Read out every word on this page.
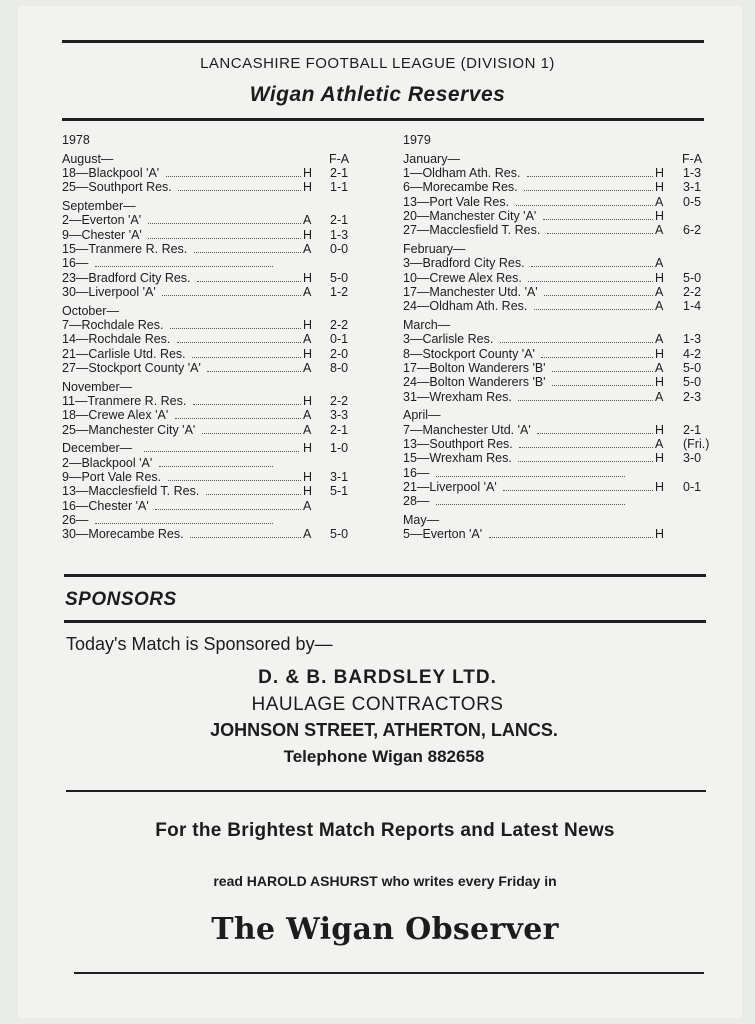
LANCASHIRE FOOTBALL LEAGUE (DIVISION 1)
Wigan Athletic Reserves
1978
August—	F-A
18—Blackpool 'A'	H 2-1
25—Southport Res.	H 1-1
September—
2—Everton 'A'	A 2-1
9—Chester 'A'	H 1-3
15—Tranmere R. Res.	A 0-0
16—
23—Bradford City Res.	H 5-0
30—Liverpool 'A'	A 1-2
October—
7—Rochdale Res.	H 2-2
14—Rochdale Res.	A 0-1
21—Carlisle Utd. Res.	H 2-0
27—Stockport County 'A'	A 8-0
November—
11—Tranmere R. Res.	H 2-2
18—Crewe Alex 'A'	A 3-3
25—Manchester City 'A'	A 2-1
December—	H 1-0
2—Blackpool 'A'
9—Port Vale Res.	H 3-1
13—Macclesfield T. Res.	H 5-1
16—Chester 'A'	A
26—
30—Morecambe Res.	A 5-0
1979
January—	F-A
1—Oldham Ath. Res.	H 1-3
6—Morecambe Res.	H 3-1
13—Port Vale Res.	A 0-5
20—Manchester City 'A'	H
27—Macclesfield T. Res.	A 6-2
February—
3—Bradford City Res.	A
10—Crewe Alex Res.	H 5-0
17—Manchester Utd. 'A'	A 2-2
24—Oldham Ath. Res.	A 1-4
March—
3—Carlisle Res.	A 1-3
8—Stockport County 'A'	H 4-2
17—Bolton Wanderers 'B'	A 5-0
24—Bolton Wanderers 'B'	H 5-0
31—Wrexham Res.	A 2-3
April—
7—Manchester Utd. 'A'	H 2-1
13—Southport Res.	A (Fri.)
15—Wrexham Res.	H 3-0
16—
21—Liverpool 'A'	H 0-1
28—
May—
5—Everton 'A'	H
SPONSORS
Today's Match is Sponsored by—
D. & B. BARDSLEY LTD.
HAULAGE CONTRACTORS
JOHNSON STREET, ATHERTON, LANCS.
Telephone Wigan 882658
For the Brightest Match Reports and Latest News
read HAROLD ASHURST who writes every Friday in
The Wigan Observer
